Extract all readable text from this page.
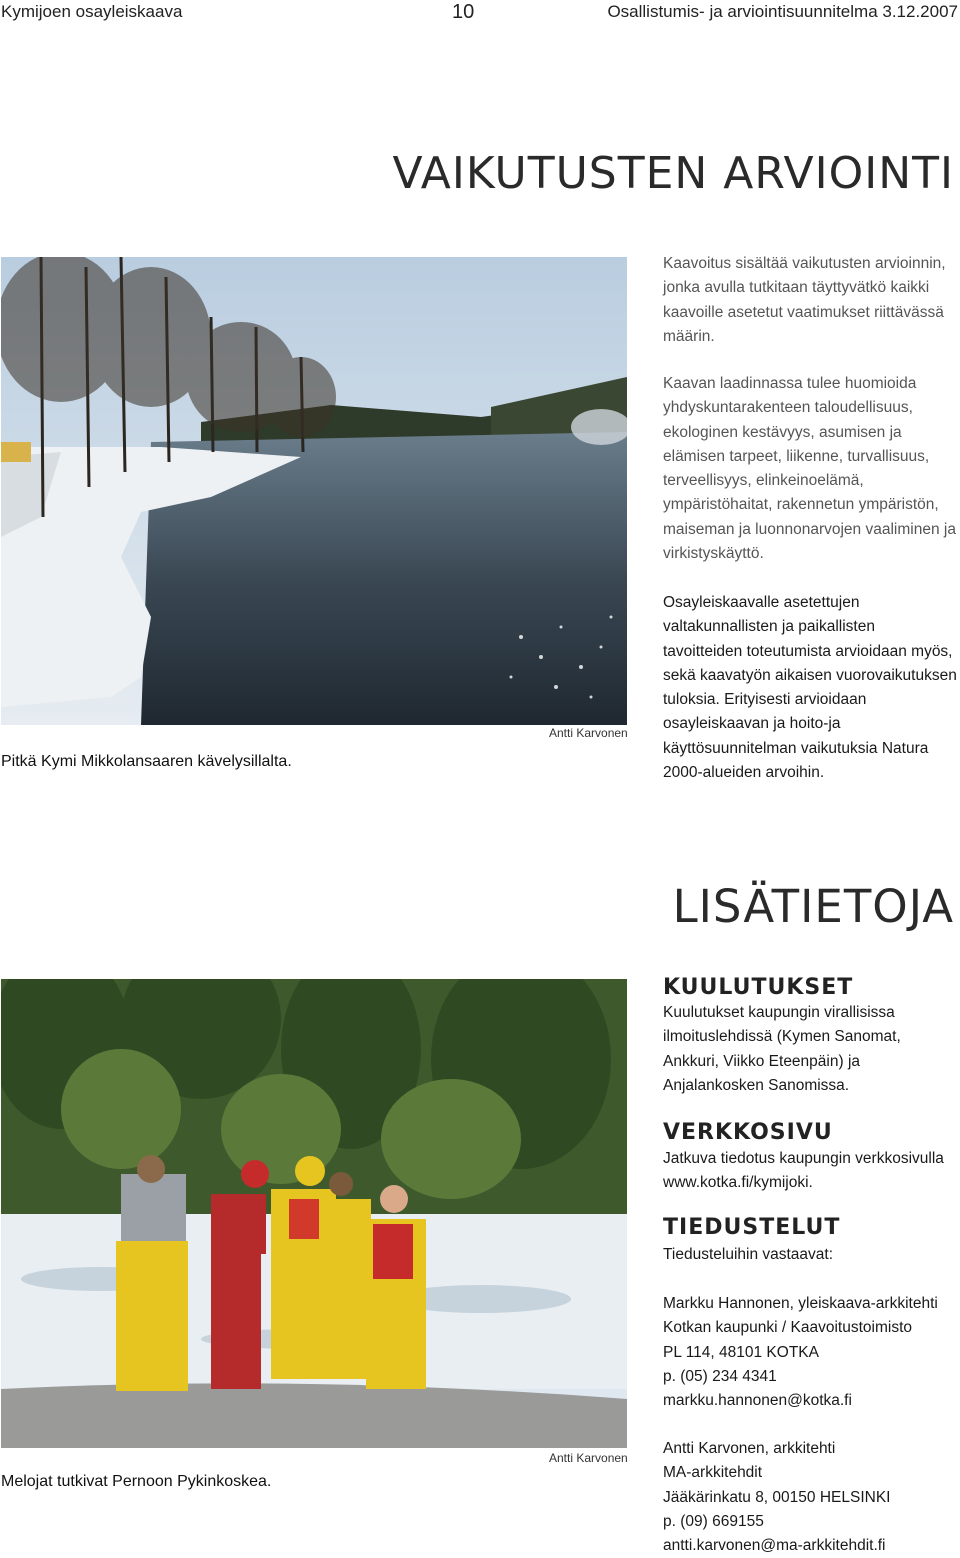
Kymijoen osayleiskaava	10	Osallistumis- ja arviointisuunnitelma 3.12.2007
VAIKUTUSTEN ARVIOINTI
Antti Karvonen
Pitkä Kymi Mikkolansaaren kävelysillalta.

Kaavoitus sisältää vaikutusten arvioinnin, jonka avulla tutkitaan täyttyvätkö kaikki kaavoille asetetut vaatimukset riittävässä määrin.

Kaavan laadinnassa tulee huomioida yhdyskuntarakenteen taloudellisuus, ekologinen kestävyys, asumisen ja elämisen tarpeet, liikenne, turvallisuus, terveellisyys, elinkeinoelämä, ympäristöhaitat, rakennetun ympäristön, maiseman ja luonnonarvojen vaaliminen ja virkistyskäyttö.

Osayleiskaavalle asetettujen valtakunnallisten ja paikallisten tavoitteiden toteutumista arvioidaan myös, sekä kaavatyön aikaisen vuorovaikutuksen tuloksia. Erityisesti arvioidaan osayleiskaavan ja hoito-ja käyttösuunnitelman vaikutuksia Natura 2000-alueiden arvoihin.

LISÄTIETOJA
Antti Karvonen
Melojat tutkivat Pernoon Pykinkoskea.
KUULUTUKSET

Kuulutukset kaupungin virallisissa ilmoituslehdissä (Kymen Sanomat, Ankkuri, Viikko Eteenpäin) ja Anjalankosken Sanomissa.

VERKKOSIVU

Jatkuva tiedotus kaupungin verkkosivulla www.kotka.fi/kymijoki.

TIEDUSTELUT

Tiedusteluihin vastaavat:

Markku Hannonen, yleiskaava-arkkitehti
Kotkan kaupunki / Kaavoitustoimisto
PL 114, 48101 KOTKA
p. (05) 234 4341
markku.hannonen@kotka.fi
Antti Karvonen, arkkitehti
MA-arkkitehdit
Jääkärinkatu 8, 00150 HELSINKI
p. (09) 669155
antti.karvonen@ma-arkkitehdit.fi
